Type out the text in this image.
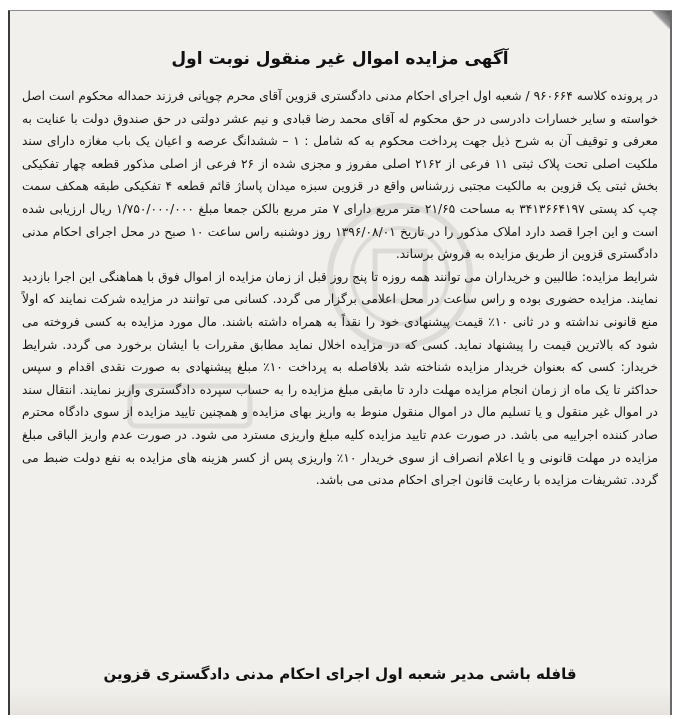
آگهی مزایده اموال غیر منقول نوبت اول

در پرونده کلاسه ۹۶۰۶۶۴ / شعبه اول اجرای احکام مدنی دادگستری قزوین آقای محرم چوپانی فرزند حمداله محکوم است اصل خواسته و سایر خسارات دادرسی در حق محکوم له آقای محمد رضا قبادی و نیم عشر دولتی در حق صندوق دولت با عنایت به معرفی و توقیف آن به شرح ذیل جهت پرداخت محکوم به که شامل : ۱ – ششدانگ عرصه و اعیان یک باب مغازه دارای سند ملکیت اصلی تحت پلاک ثبتی ۱۱ فرعی از ۲۱۶۲ اصلی مفروز و مجزی شده از ۲۶ فرعی از اصلی مذکور قطعه چهار تفکیکی بخش ثبتی یک قزوین به مالکیت مجتبی زرشناس واقع در قزوین سبزه میدان پاساژ قائم قطعه ۴ تفکیکی طبقه همکف سمت چپ کد پستی ۳۴۱۳۶۶۴۱۹۷ به مساحت ۲۱/۶۵ متر مربع دارای ۷ متر مربع بالکن جمعا مبلغ ۱/۷۵۰/۰۰۰/۰۰۰ ریال ارزیابی شده است و این اجرا قصد دارد املاک مذکور را در تاریخ ۱۳۹۶/۰۸/۰۱ روز دوشنبه راس ساعت ۱۰ صبح در محل اجرای احکام مدنی دادگستری قزوین از طریق مزایده به فروش برساند.

شرایط مزایده: طالبین و خریداران می توانند همه روزه تا پنج روز قبل از زمان مزایده از اموال فوق با هماهنگی این اجرا بازدید نمایند. مزایده حضوری بوده و راس ساعت در محل اعلامی برگزار می گردد. کسانی می توانند در مزایده شرکت نمایند که اولاً منع قانونی نداشته و در ثانی ۱۰٪ قیمت پیشنهادی خود را نقداً به همراه داشته باشند. مال مورد مزایده به کسی فروخته می شود که بالاترین قیمت را پیشنهاد نماید. کسی که در مزایده اخلال نماید مطابق مقررات با ایشان برخورد می گردد. شرایط خریدار: کسی که بعنوان خریدار مزایده شناخته شد بلافاصله به پرداخت ۱۰٪ مبلغ پیشنهادی به صورت نقدی اقدام و سپس حداکثر تا یک ماه از زمان انجام مزایده مهلت دارد تا مابقی مبلغ مزایده را به حساب سپرده دادگستری واریز نمایند. انتقال سند در اموال غیر منقول و یا تسلیم مال در اموال منقول منوط به واریز بهای مزایده و همچنین تایید مزایده از سوی دادگاه محترم صادر کننده اجراییه می باشد. در صورت عدم تایید مزایده کلیه مبلغ واریزی مسترد می شود. در صورت عدم واریز الباقی مبلغ مزایده در مهلت قانونی و یا اعلام انصراف از سوی خریدار ۱۰٪ واریزی پس از کسر هزینه های مزایده به نفع دولت ضبط می گردد. تشریفات مزایده با رعایت قانون اجرای احکام مدنی می باشد.

قافله باشی مدیر شعبه اول اجرای احکام مدنی دادگستری قزوین
